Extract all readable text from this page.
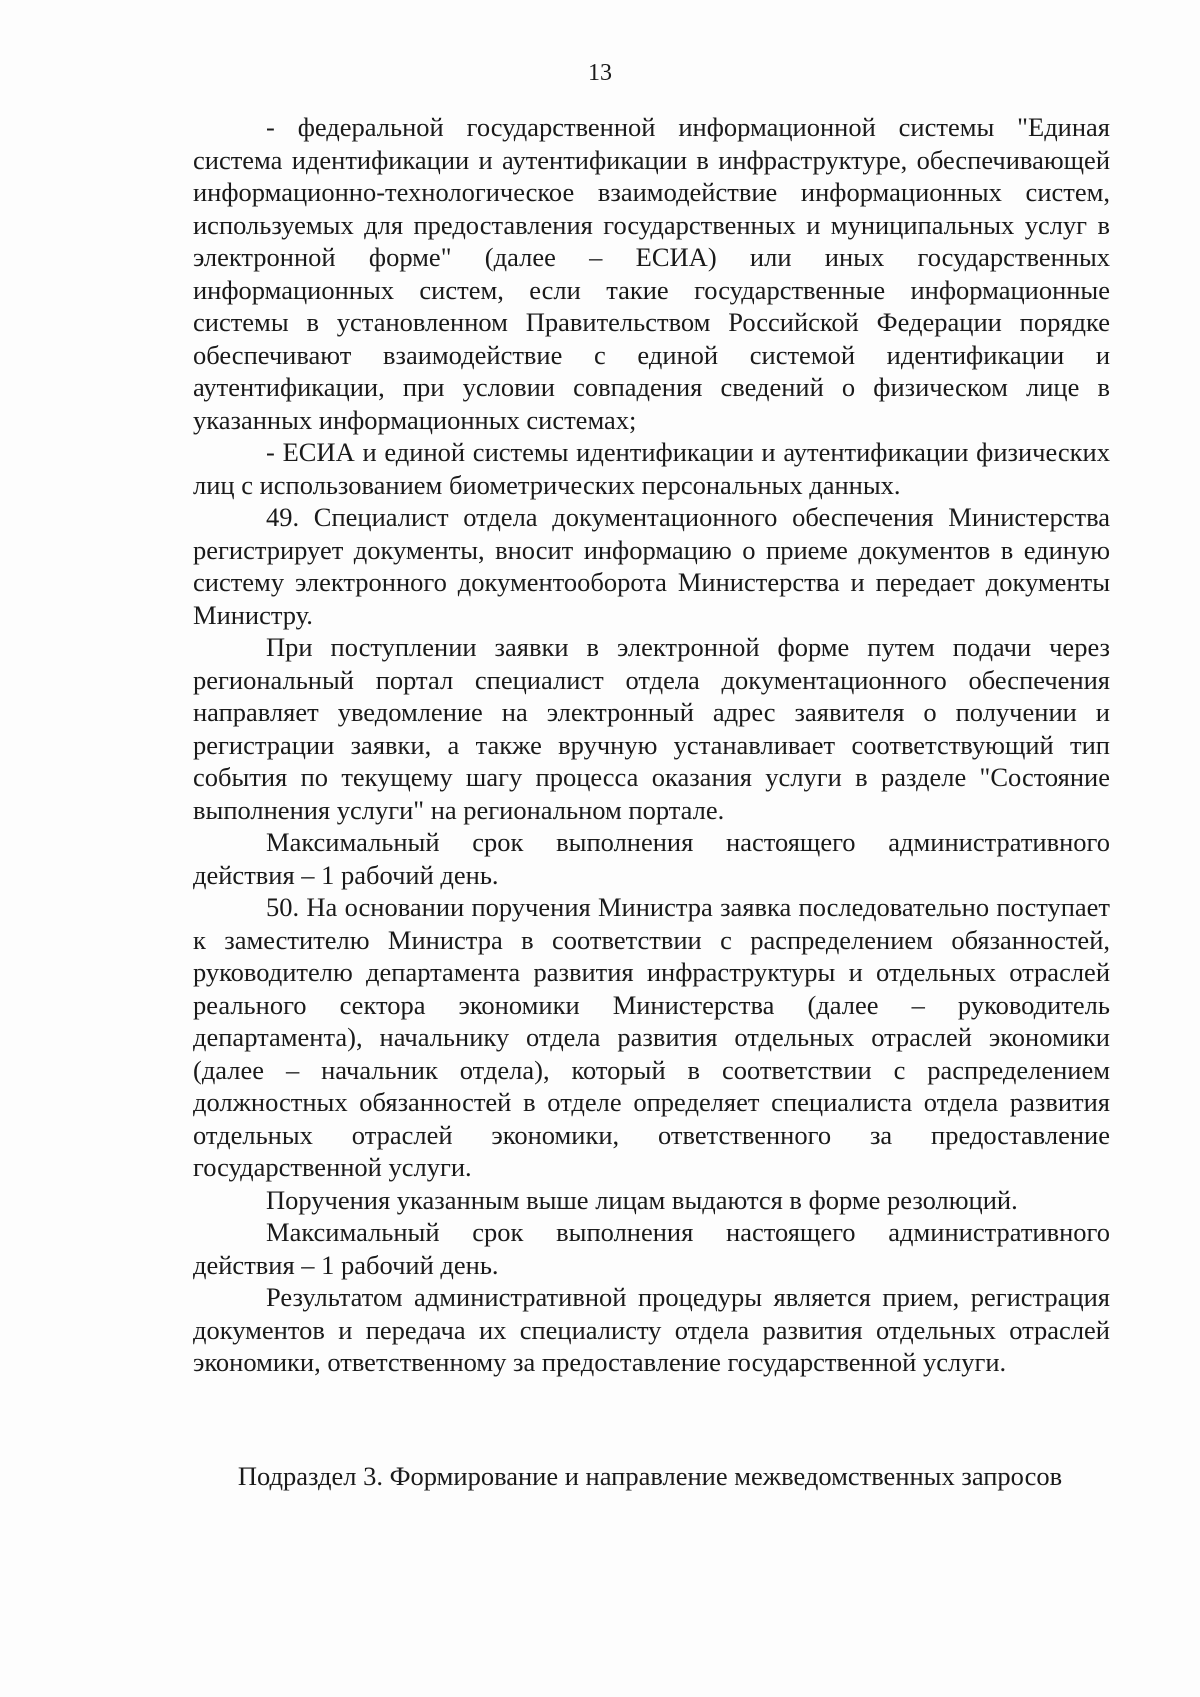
13

- федеральной государственной информационной системы "Единая система идентификации и аутентификации в инфраструктуре, обеспечивающей информационно-технологическое взаимодействие информационных систем, используемых для предоставления государственных и муниципальных услуг в электронной форме" (далее – ЕСИА) или иных государственных информационных систем, если такие государственные информационные системы в установленном Правительством Российской Федерации порядке обеспечивают взаимодействие с единой системой идентификации и аутентификации, при условии совпадения сведений о физическом лице в указанных информационных системах;

- ЕСИА и единой системы идентификации и аутентификации физических лиц с использованием биометрических персональных данных.

49. Специалист отдела документационного обеспечения Министерства регистрирует документы, вносит информацию о приеме документов в единую систему электронного документооборота Министерства и передает документы Министру.

При поступлении заявки в электронной форме путем подачи через региональный портал специалист отдела документационного обеспечения направляет уведомление на электронный адрес заявителя о получении и регистрации заявки, а также вручную устанавливает соответствующий тип события по текущему шагу процесса оказания услуги в разделе "Состояние выполнения услуги" на региональном портале.

Максимальный срок выполнения настоящего административного действия – 1 рабочий день.

50. На основании поручения Министра заявка последовательно поступает к заместителю Министра в соответствии с распределением обязанностей, руководителю департамента развития инфраструктуры и отдельных отраслей реального сектора экономики Министерства (далее – руководитель департамента), начальнику отдела развития отдельных отраслей экономики (далее – начальник отдела), который в соответствии с распределением должностных обязанностей в отделе определяет специалиста отдела развития отдельных отраслей экономики, ответственного за предоставление государственной услуги.

Поручения указанным выше лицам выдаются в форме резолюций.

Максимальный срок выполнения настоящего административного действия – 1 рабочий день.

Результатом административной процедуры является прием, регистрация документов и передача их специалисту отдела развития отдельных отраслей экономики, ответственному за предоставление государственной услуги.

Подраздел 3. Формирование и направление межведомственных запросов
